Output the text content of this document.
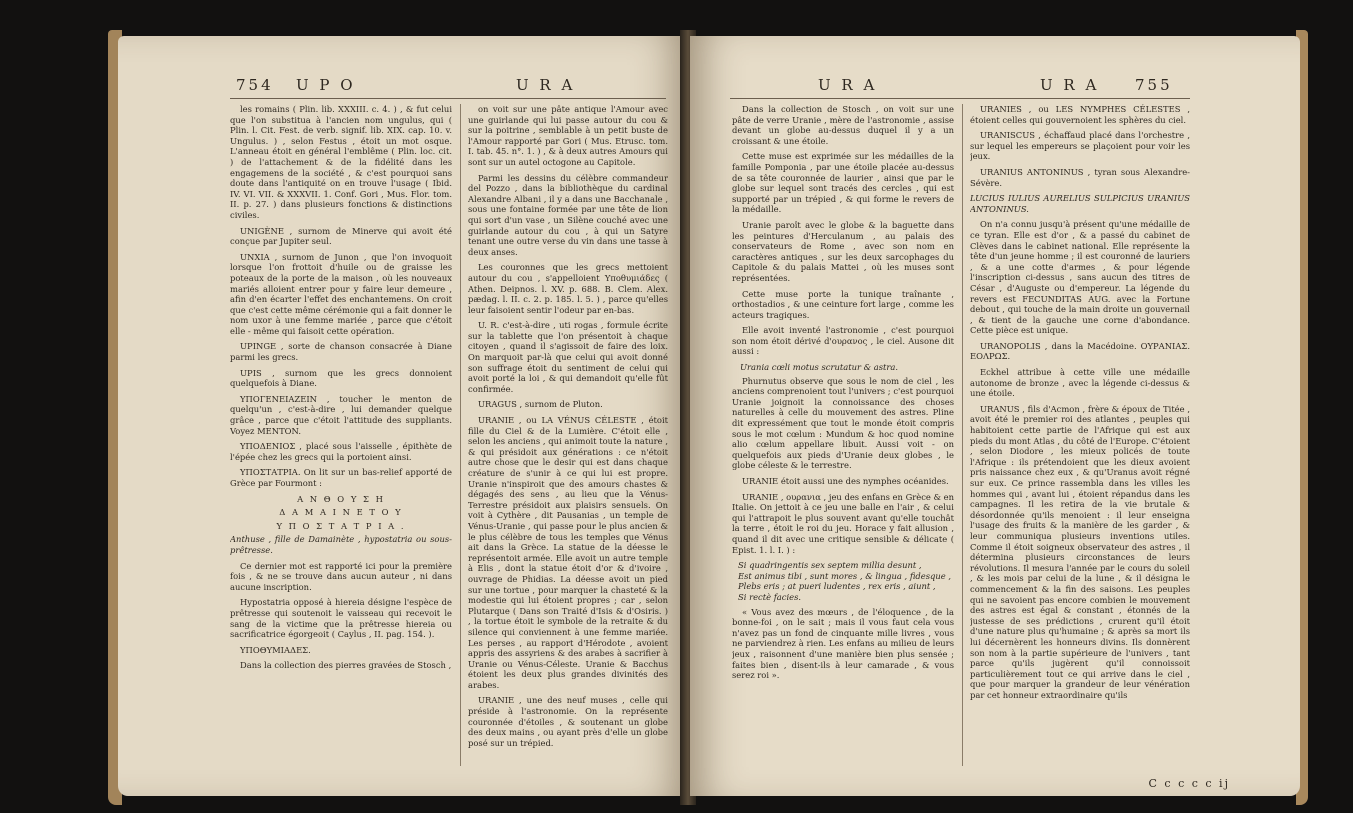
754 U P O	U R A

les romains ( Plin. lib. XXXIII. c. 4. ) , & fut celui que l'on substitua à l'ancien nom ungulus, qui ( Plin. l. Cit. Fest. de verb. signif. lib. XIX. cap. 10. v. Ungulus. ) , selon Festus , étoit un mot osque. L'anneau étoit en général l'emblême ( Plin. loc. cit. ) de l'attachement & de la fidélité dans les engagemens de la société , & c'est pourquoi sans doute dans l'antiquité on en trouve l'usage ( Ibid. IV. VI. VII. & XXXVII. 1. Conf. Gori , Mus. Flor. tom. II. p. 27. ) dans plusieurs fonctions & distinctions civiles.

UNIGÈNE , surnom de Minerve qui avoit été conçue par Jupiter seul.

UNXIA , surnom de Junon , que l'on invoquoit lorsque l'on frottoit d'huile ou de graisse les poteaux de la porte de la maison , où les nouveaux mariés alloient entrer pour y faire leur demeure , afin d'en écarter l'effet des enchantemens. On croit que c'est cette même cérémonie qui a fait donner le nom uxor à une femme mariée , parce que c'étoit elle - même qui faisoit cette opération.

UPINGE , sorte de chanson consacrée à Diane parmi les grecs.

UPIS , surnom que les grecs donnoient quelquefois à Diane.

ΥΠΟΓΕΝΕΙΑΖΕΙΝ , toucher le menton de quelqu'un , c'est-à-dire , lui demander quelque grâce , parce que c'étoit l'attitude des suppliants. Voyez MENTON.

ΥΠΟΔΕΝΙΟΣ , placé sous l'aisselle , épithète de l'épée chez les grecs qui la portoient ainsi.

ΥΠΟΣΤΑΤΡΙΑ. On lit sur un bas-relief apporté de Grèce par Fourmont :

Α Ν Θ Ο Υ Σ Η

Δ Α Μ Α Ι Ν Ε Τ Ο Υ

Υ Π Ο Σ Τ Α Τ Ρ Ι Α .

Anthuse , fille de Damainète , hypostatria ou sous-prêtresse.

Ce dernier mot est rapporté ici pour la première fois , & ne se trouve dans aucun auteur , ni dans aucune inscription.

Hypostatria opposé à hiereia désigne l'espèce de prêtresse qui soutenoit le vaisseau qui recevoit le sang de la victime que la prêtresse hiereia ou sacrificatrice égorgeoit ( Caylus , II. pag. 154. ).

ΥΠΟΘΥΜΙΑΔΕΣ.

Dans la collection des pierres gravées de Stosch ,

on voit sur une pâte antique l'Amour avec une guirlande qui lui passe autour du cou & sur la poitrine , semblable à un petit buste de l'Amour rapporté par Gori ( Mus. Etrusc. tom. I. tab. 45. n°. 1. ) , & à deux autres Amours qui sont sur un autel octogone au Capitole.

Parmi les dessins du célèbre commandeur del Pozzo , dans la bibliothèque du cardinal Alexandre Albani , il y a dans une Bacchanale , sous une fontaine formée par une tête de lion qui sort d'un vase , un Silène couché avec une guirlande autour du cou , à qui un Satyre tenant une outre verse du vin dans une tasse à deux anses.

Les couronnes que les grecs mettoient autour du cou , s'appelloient Υποθυμιάδες ( Athen. Deipnos. l. XV. p. 688. B. Clem. Alex. pædag. l. II. c. 2. p. 185. l. 5. ) , parce qu'elles leur faisoient sentir l'odeur par en-bas.

U. R. c'est-à-dire , uti rogas , formule écrite sur la tablette que l'on présentoit à chaque citoyen , quand il s'agissoit de faire des loix. On marquoit par-là que celui qui avoit donné son suffrage étoit du sentiment de celui qui avoit porté la loi , & qui demandoit qu'elle fût confirmée.

URAGUS , surnom de Pluton.

URANIE , ou LA VÉNUS CÉLESTE , étoit fille du Ciel & de la Lumière. C'étoit elle , selon les anciens , qui animoit toute la nature , & qui présidoit aux générations : ce n'étoit autre chose que le desir qui est dans chaque créature de s'unir à ce qui lui est propre. Uranie n'inspiroit que des amours chastes & dégagés des sens , au lieu que la Vénus-Terrestre présidoit aux plaisirs sensuels. On voit à Cythère , dit Pausanias , un temple de Vénus-Uranie , qui passe pour le plus ancien & le plus célèbre de tous les temples que Vénus ait dans la Grèce. La statue de la déesse le représentoit armée. Elle avoit un autre temple à Elis , dont la statue étoit d'or & d'ivoire , ouvrage de Phidias. La déesse avoit un pied sur une tortue , pour marquer la chasteté & la modestie qui lui étoient propres ; car , selon Plutarque ( Dans son Traité d'Isis & d'Osiris. ) , la tortue étoit le symbole de la retraite & du silence qui conviennent à une femme mariée. Les perses , au rapport d'Hérodote , avoient appris des assyriens & des arabes à sacrifier à Uranie ou Vénus-Céleste. Uranie & Bacchus étoient les deux plus grandes divinités des arabes.

URANIE , une des neuf muses , celle qui préside à l'astronomie. On la représente couronnée d'étoiles , & soutenant un globe des deux mains , ou ayant près d'elle un globe posé sur un trépied.

U R A	U R A 755

Dans la collection de Stosch , on voit sur une pâte de verre Uranie , mère de l'astronomie , assise devant un globe au-dessus duquel il y a un croissant & une étoile.

Cette muse est exprimée sur les médailles de la famille Pomponia , par une étoile placée au-dessus de sa tête couronnée de laurier , ainsi que par le globe sur lequel sont tracés des cercles , qui est supporté par un trépied , & qui forme le revers de la médaille.

Uranie paroît avec le globe & la baguette dans les peintures d'Herculanum , au palais des conservateurs de Rome , avec son nom en caractères antiques , sur les deux sarcophages du Capitole & du palais Mattei , où les muses sont représentées.

Cette muse porte la tunique traînante , orthostadios , & une ceinture fort large , comme les acteurs tragiques.

Elle avoit inventé l'astronomie , c'est pourquoi son nom étoit dérivé d'ουρανος , le ciel. Ausone dit aussi :

Urania cœli motus scrutatur & astra.

Phurnutus observe que sous le nom de ciel , les anciens comprenoient tout l'univers ; c'est pourquoi Uranie joignoit la connoissance des choses naturelles à celle du mouvement des astres. Pline dit expressément que tout le monde étoit compris sous le mot cœlum : Mundum & hoc quod nomine alio cœlum appellare libuit. Aussi voit - on quelquefois aux pieds d'Uranie deux globes , le globe céleste & le terrestre.

URANIE étoit aussi une des nymphes océanides.

URANIE , ουρανια , jeu des enfans en Grèce & en Italie. On jettoit à ce jeu une balle en l'air , & celui qui l'attrapoit le plus souvent avant qu'elle touchât la terre , étoit le roi du jeu. Horace y fait allusion , quand il dit avec une critique sensible & délicate ( Epist. 1. l. I. ) :

Si quadringentis sex septem millia desunt ,

Est animus tibi , sunt mores , & lingua , fidesque ,

Plebs eris ; at pueri ludentes , rex eris , aiunt ,

Si rectè facies.

« Vous avez des mœurs , de l'éloquence , de la bonne-foi , on le sait ; mais il vous faut cela vous n'avez pas un fond de cinquante mille livres , vous ne parviendrez à rien. Les enfans au milieu de leurs jeux , raisonnent d'une manière bien plus sensée ; faites bien , disent-ils à leur camarade , & vous serez roi ».

URANIES , ou LES NYMPHES CÉLESTES , étoient celles qui gouvernoient les sphères du ciel.

URANISCUS , échaffaud placé dans l'orchestre , sur lequel les empereurs se plaçoient pour voir les jeux.

URANIUS ANTONINUS , tyran sous Alexandre-Sévère.

LUCIUS IULIUS AURELIUS SULPICIUS URANIUS ANTONINUS.

On n'a connu jusqu'à présent qu'une médaille de ce tyran. Elle est d'or , & a passé du cabinet de Clèves dans le cabinet national. Elle représente la tête d'un jeune homme ; il est couronné de lauriers , & a une cotte d'armes , & pour légende l'inscription ci-dessus , sans aucun des titres de César , d'Auguste ou d'empereur. La légende du revers est FECUNDITAS AUG. avec la Fortune debout , qui touche de la main droite un gouvernail , & tient de la gauche une corne d'abondance. Cette pièce est unique.

URANOPOLIS , dans la Macédoine. ΟΥΡΑΝΙΑΣ. ΕΟΛΡΩΣ.

Eckhel attribue à cette ville une médaille autonome de bronze , avec la légende ci-dessus & une étoile.

URANUS , fils d'Acmon , frère & époux de Titée , avoit été le premier roi des atlantes , peuples qui habitoient cette partie de l'Afrique qui est aux pieds du mont Atlas , du côté de l'Europe. C'étoient , selon Diodore , les mieux policés de toute l'Afrique : ils prétendoient que les dieux avoient pris naissance chez eux , & qu'Uranus avoit régné sur eux. Ce prince rassembla dans les villes les hommes qui , avant lui , étoient répandus dans les campagnes. Il les retira de la vie brutale & désordonnée qu'ils menoient : il leur enseigna l'usage des fruits & la manière de les garder , & leur communiqua plusieurs inventions utiles. Comme il étoit soigneux observateur des astres , il détermina plusieurs circonstances de leurs révolutions. Il mesura l'année par le cours du soleil , & les mois par celui de la lune , & il désigna le commencement & la fin des saisons. Les peuples qui ne savoient pas encore combien le mouvement des astres est égal & constant , étonnés de la justesse de ses prédictions , crurent qu'il étoit d'une nature plus qu'humaine ; & après sa mort ils lui décernèrent les honneurs divins. Ils donnèrent son nom à la partie supérieure de l'univers , tant parce qu'ils jugèrent qu'il connoissoit particulièrement tout ce qui arrive dans le ciel , que pour marquer la grandeur de leur vénération par cet honneur extraordinaire qu'ils

C c c c c ij
